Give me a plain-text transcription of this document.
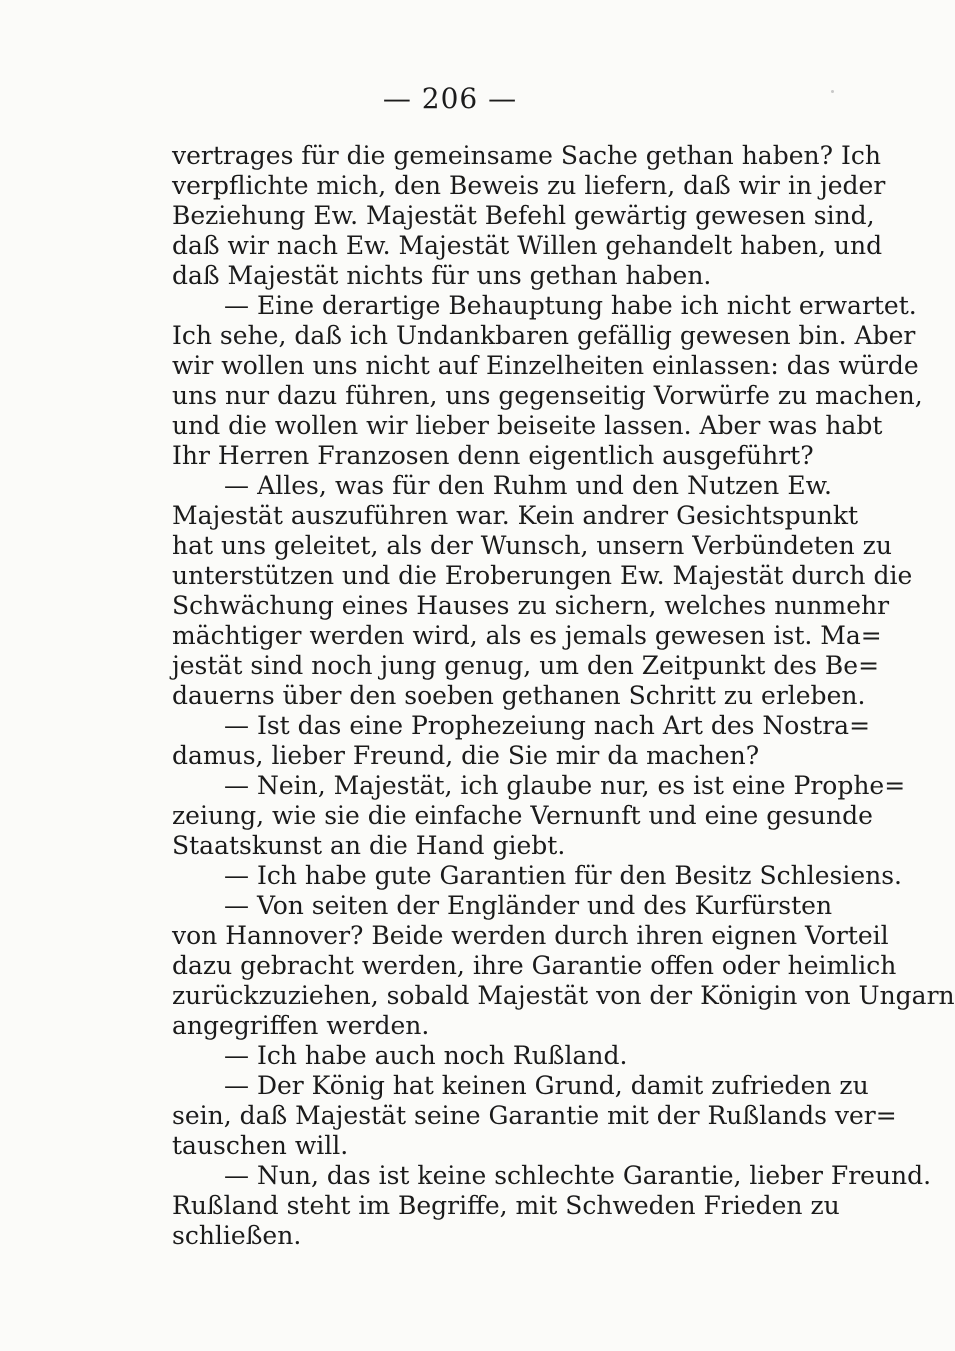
— 206 —
vertrages für die gemeinsame Sache gethan haben? Ich
verpflichte mich, den Beweis zu liefern, daß wir in jeder
Beziehung Ew. Majestät Befehl gewärtig gewesen sind,
daß wir nach Ew. Majestät Willen gehandelt haben, und
daß Majestät nichts für uns gethan haben.
— Eine derartige Behauptung habe ich nicht erwartet.
Ich sehe, daß ich Undankbaren gefällig gewesen bin. Aber
wir wollen uns nicht auf Einzelheiten einlassen: das würde
uns nur dazu führen, uns gegenseitig Vorwürfe zu machen,
und die wollen wir lieber beiseite lassen. Aber was habt
Ihr Herren Franzosen denn eigentlich ausgeführt?
— Alles, was für den Ruhm und den Nutzen Ew.
Majestät auszuführen war. Kein andrer Gesichtspunkt
hat uns geleitet, als der Wunsch, unsern Verbündeten zu
unterstützen und die Eroberungen Ew. Majestät durch die
Schwächung eines Hauses zu sichern, welches nunmehr
mächtiger werden wird, als es jemals gewesen ist. Ma=
jestät sind noch jung genug, um den Zeitpunkt des Be=
dauerns über den soeben gethanen Schritt zu erleben.
— Ist das eine Prophezeiung nach Art des Nostra=
damus, lieber Freund, die Sie mir da machen?
— Nein, Majestät, ich glaube nur, es ist eine Prophe=
zeiung, wie sie die einfache Vernunft und eine gesunde
Staatskunst an die Hand giebt.
— Ich habe gute Garantien für den Besitz Schlesiens.
— Von seiten der Engländer und des Kurfürsten
von Hannover? Beide werden durch ihren eignen Vorteil
dazu gebracht werden, ihre Garantie offen oder heimlich
zurückzuziehen, sobald Majestät von der Königin von Ungarn
angegriffen werden.
— Ich habe auch noch Rußland.
— Der König hat keinen Grund, damit zufrieden zu
sein, daß Majestät seine Garantie mit der Rußlands ver=
tauschen will.
— Nun, das ist keine schlechte Garantie, lieber Freund.
Rußland steht im Begriffe, mit Schweden Frieden zu
schließen.
